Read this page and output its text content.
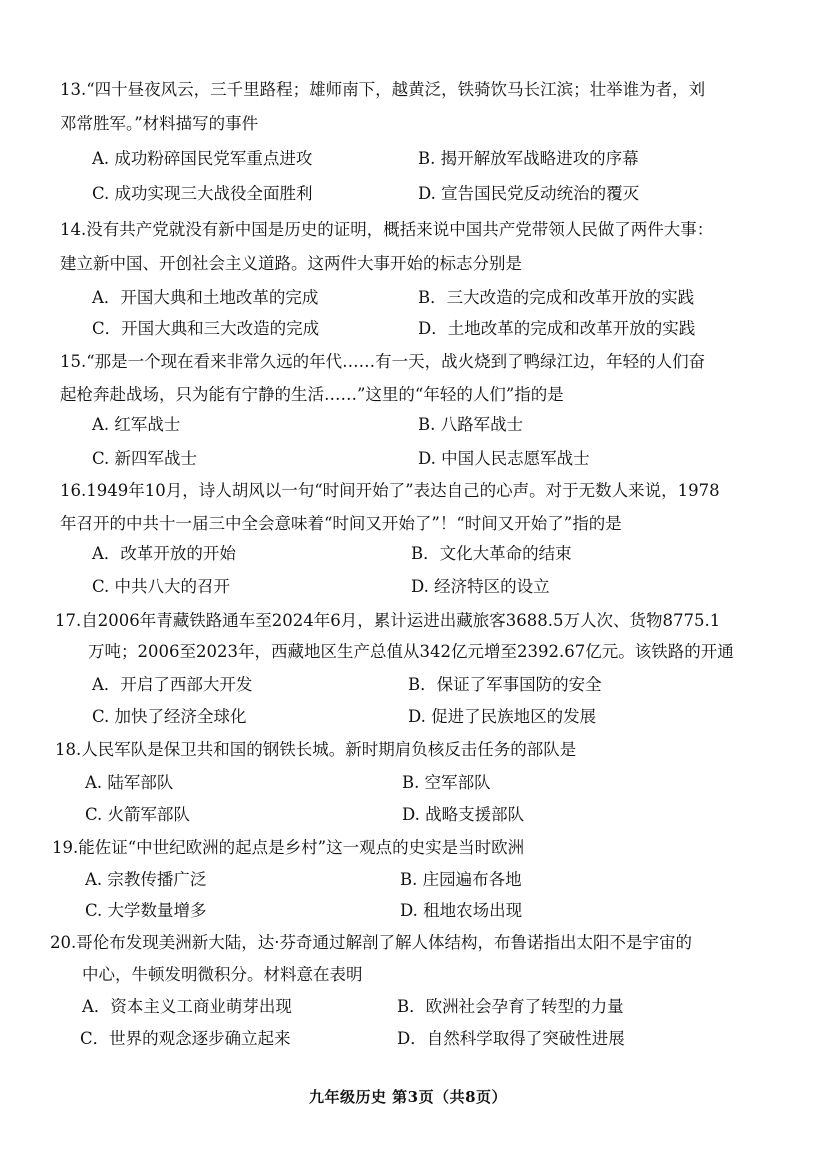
13.“四十昼夜风云，三千里路程；雄师南下，越黄泛，铁骑饮马长江滨；壮举谁为者，刘
邓常胜军。”材料描写的事件
A. 成功粉碎国民党军重点进攻	B. 揭开解放军战略进攻的序幕
C. 成功实现三大战役全面胜利	D. 宣告国民党反动统治的覆灭
14.没有共产党就没有新中国是历史的证明，概括来说中国共产党带领人民做了两件大事：
建立新中国、开创社会主义道路。这两件大事开始的标志分别是
A．开国大典和土地改革的完成	B．三大改造的完成和改革开放的实践
C．开国大典和三大改造的完成	D．土地改革的完成和改革开放的实践
15.“那是一个现在看来非常久远的年代……有一天，战火烧到了鸭绿江边，年轻的人们奋
起枪奔赴战场，只为能有宁静的生活……”这里的“年轻的人们”指的是
A. 红军战士	B. 八路军战士
C. 新四军战士	D. 中国人民志愿军战士
16.1949年10月，诗人胡风以一句“时间开始了”表达自己的心声。对于无数人来说，1978
年召开的中共十一届三中全会意味着“时间又开始了”！“时间又开始了”指的是
A．改革开放的开始	B．文化大革命的结束
C. 中共八大的召开	D. 经济特区的设立
17.自2006年青藏铁路通车至2024年6月，累计运进出藏旅客3688.5万人次、货物8775.1
万吨；2006至2023年，西藏地区生产总值从342亿元增至2392.67亿元。该铁路的开通
A．开启了西部大开发	B．保证了军事国防的安全
C. 加快了经济全球化	D. 促进了民族地区的发展
18.人民军队是保卫共和国的钢铁长城。新时期肩负核反击任务的部队是
A. 陆军部队	B. 空军部队
C. 火箭军部队	D. 战略支援部队
19.能佐证“中世纪欧洲的起点是乡村”这一观点的史实是当时欧洲
A. 宗教传播广泛	B. 庄园遍布各地
C. 大学数量增多	D. 租地农场出现
20.哥伦布发现美洲新大陆，达·芬奇通过解剖了解人体结构，布鲁诺指出太阳不是宇宙的
中心，牛顿发明微积分。材料意在表明
A．资本主义工商业萌芽出现	B．欧洲社会孕育了转型的力量
C．世界的观念逐步确立起来	D．自然科学取得了突破性进展
九年级历史 第3页（共8页）
